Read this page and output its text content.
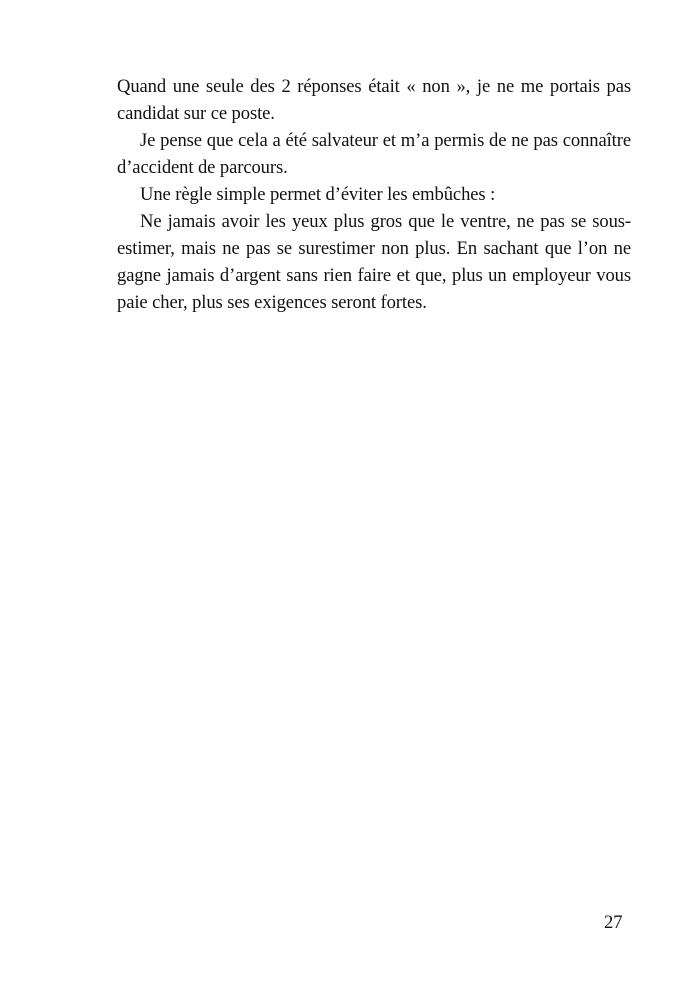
Quand une seule des 2 réponses était « non », je ne me portais pas candidat sur ce poste.

Je pense que cela a été salvateur et m’a permis de ne pas connaître d’accident de parcours.

Une règle simple permet d’éviter les embûches :

Ne jamais avoir les yeux plus gros que le ventre, ne pas se sous-estimer, mais ne pas se surestimer non plus. En sachant que l’on ne gagne jamais d’argent sans rien faire et que, plus un employeur vous paie cher, plus ses exigences seront fortes.

27
